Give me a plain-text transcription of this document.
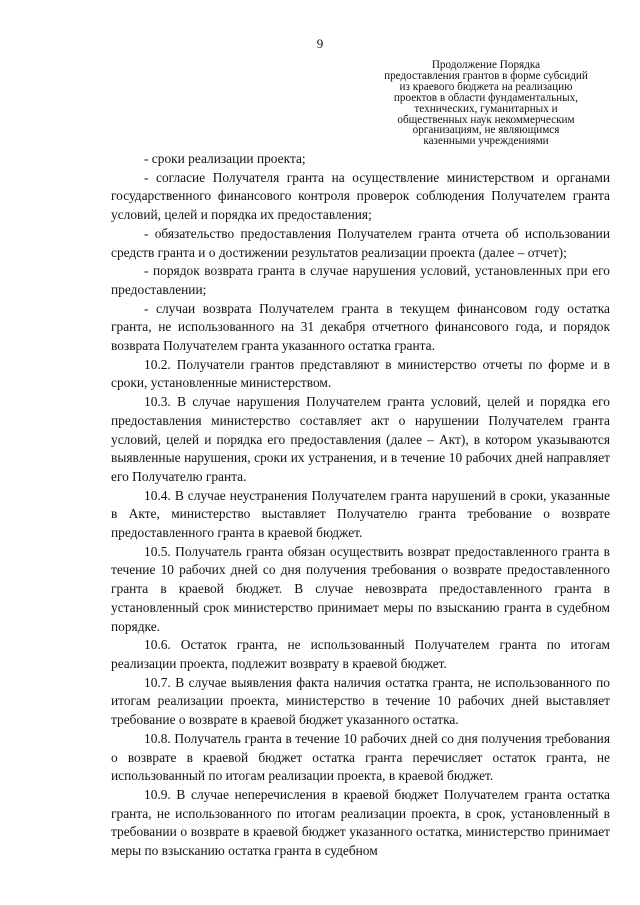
9
Продолжение Порядка
предоставления грантов в форме субсидий
из краевого бюджета на реализацию
проектов в области фундаментальных,
технических, гуманитарных и
общественных наук некоммерческим
организациям, не являющимся
казенными учреждениями

- сроки реализации проекта;

- согласие Получателя гранта на осуществление министерством и органами государственного финансового контроля проверок соблюдения Получателем гранта условий, целей и порядка их предоставления;

- обязательство предоставления Получателем гранта отчета об использовании средств гранта и о достижении результатов реализации проекта (далее – отчет);

- порядок возврата гранта в случае нарушения условий, установленных при его предоставлении;

- случаи возврата Получателем гранта в текущем финансовом году остатка гранта, не использованного на 31 декабря отчетного финансового года, и порядок возврата Получателем гранта указанного остатка гранта.

10.2. Получатели грантов представляют в министерство отчеты по форме и в сроки, установленные министерством.

10.3. В случае нарушения Получателем гранта условий, целей и порядка его предоставления министерство составляет акт о нарушении Получателем гранта условий, целей и порядка его предоставления (далее – Акт), в котором указываются выявленные нарушения, сроки их устранения, и в течение 10 рабочих дней направляет его Получателю гранта.

10.4. В случае неустранения Получателем гранта нарушений в сроки, указанные в Акте, министерство выставляет Получателю гранта требование о возврате предоставленного гранта в краевой бюджет.

10.5. Получатель гранта обязан осуществить возврат предоставленного гранта в течение 10 рабочих дней со дня получения требования о возврате предоставленного гранта в краевой бюджет. В случае невозврата предоставленного гранта в установленный срок министерство принимает меры по взысканию гранта в судебном порядке.

10.6. Остаток гранта, не использованный Получателем гранта по итогам реализации проекта, подлежит возврату в краевой бюджет.

10.7. В случае выявления факта наличия остатка гранта, не использованного по итогам реализации проекта, министерство в течение 10 рабочих дней выставляет требование о возврате в краевой бюджет указанного остатка.

10.8. Получатель гранта в течение 10 рабочих дней со дня получения требования о возврате в краевой бюджет остатка гранта перечисляет остаток гранта, не использованный по итогам реализации проекта, в краевой бюджет.

10.9. В случае неперечисления в краевой бюджет Получателем гранта остатка гранта, не использованного по итогам реализации проекта, в срок, установленный в требовании о возврате в краевой бюджет указанного остатка, министерство принимает меры по взысканию остатка гранта в судебном
